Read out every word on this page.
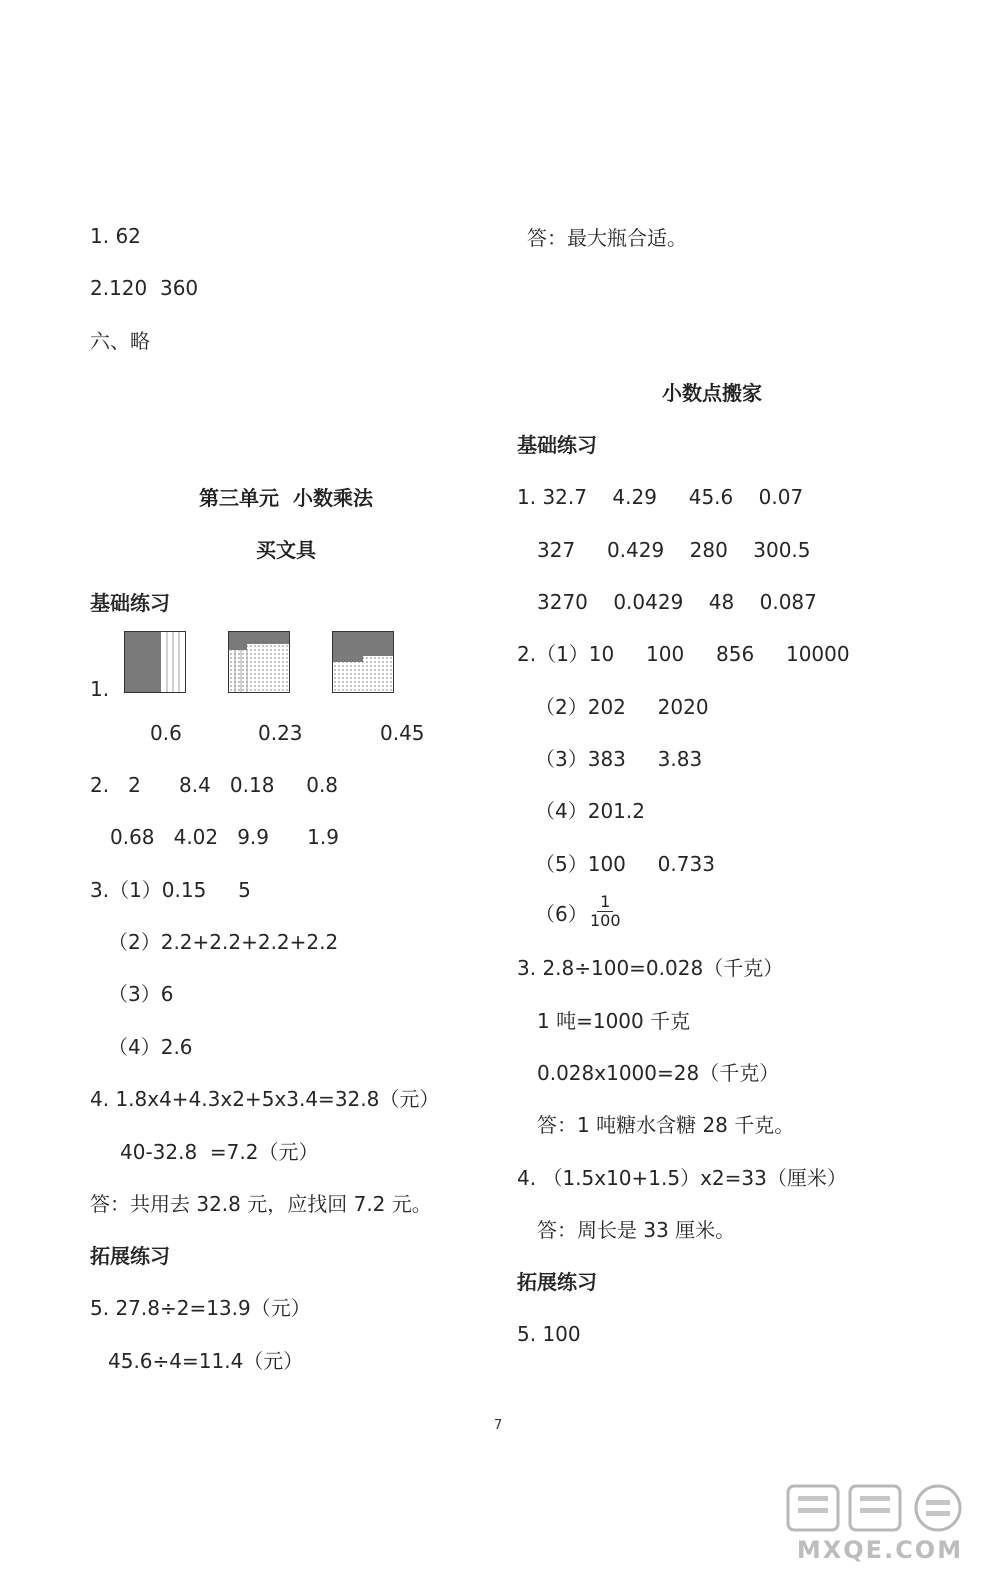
1. 62
2.120  360
六、略
第三单元  小数乘法
买文具
基础练习
1.
0.6	0.23	0.45
2.   2      8.4   0.18     0.8
0.68   4.02   9.9      1.9
3.（1）0.15     5
（2）2.2+2.2+2.2+2.2
（3）6
（4）2.6
4. 1.8x4+4.3x2+5x3.4=32.8（元）
40-32.8  =7.2（元）
答：共用去 32.8 元，应找回 7.2 元。
拓展练习
5. 27.8÷2=13.9（元）
45.6÷4=11.4（元）
答：最大瓶合适。
小数点搬家
基础练习
1. 32.7    4.29     45.6    0.07
327     0.429    280    300.5
3270    0.0429    48    0.087
2.（1）10     100     856     10000
（2）202     2020
（3）383     3.83
（4）201.2
（5）100     0.733
$(6) \frac{1}{100}$
3. 2.8÷100=0.028（千克）
1 吨=1000 千克
0.028x1000=28（千克）
答：1 吨糖水含糖 28 千克。
4. （1.5x10+1.5）x2=33（厘米）
答：周长是 33 厘米。
拓展练习
5. 100
7
MXQE.COM
